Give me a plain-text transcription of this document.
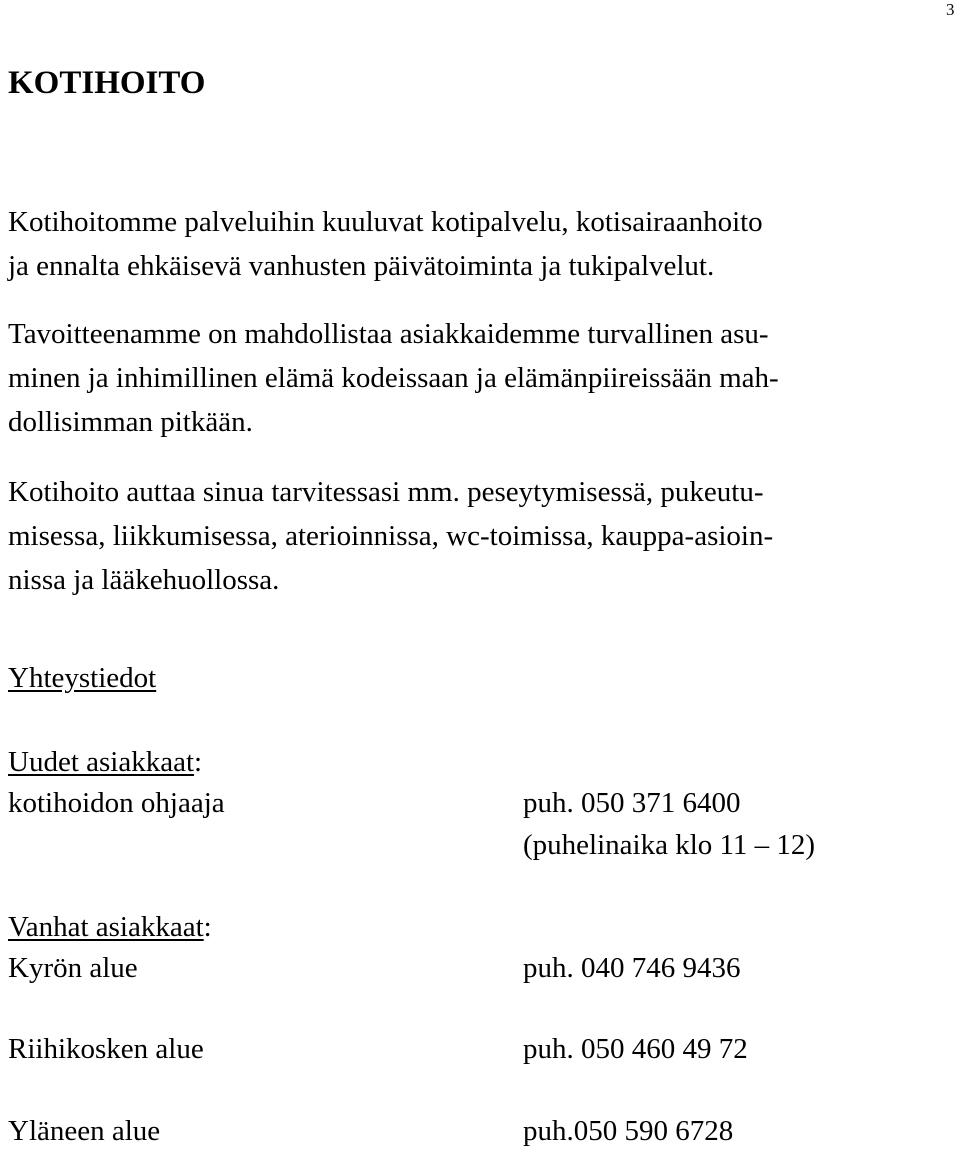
3
KOTIHOITO
Kotihoitomme palveluihin kuuluvat kotipalvelu, kotisairaanhoito
ja ennalta ehkäisevä vanhusten päivätoiminta ja tukipalvelut.
Tavoitteenamme on mahdollistaa asiakkaidemme turvallinen asu-
minen ja inhimillinen elämä kodeissaan ja elämänpiireissään mah-
dollisimman pitkään.
Kotihoito auttaa sinua tarvitessasi mm. peseytymisessä, pukeutu-
misessa, liikkumisessa, aterioinnissa, wc-toimissa, kauppa-asioin-
nissa ja lääkehuollossa.
Yhteystiedot
Uudet asiakkaat:
kotihoidon ohjaaja	puh. 050 371 6400
(puhelinaika klo 11 – 12)
Vanhat asiakkaat:
Kyrön alue	puh. 040 746 9436
Riihikosken alue	puh. 050 460 49 72
Yläneen alue	puh.050 590 6728
